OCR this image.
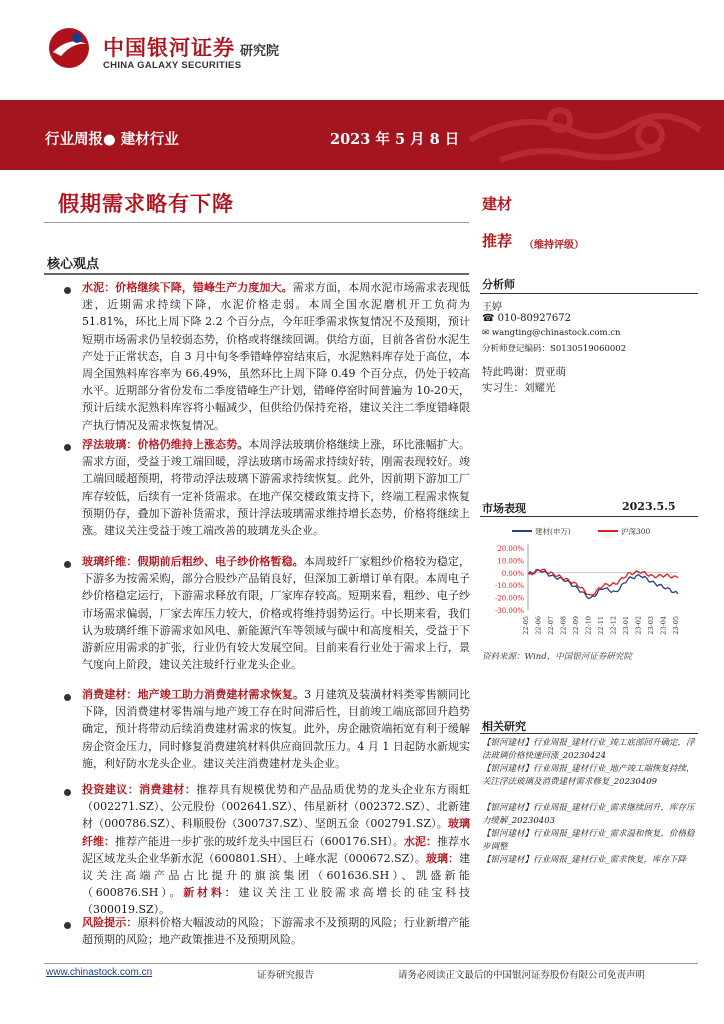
中国银河证券
CHINA GALAXY SECURITIES
研究院
行业周报● 建材行业	2023 年 5 月 8 日
假期需求略有下降
核心观点
水泥：价格继续下降，错峰生产力度加大。需求方面，本周水泥市场需求表现低迷，近期需求持续下降，水泥价格走弱。本周全国水泥磨机开工负荷为 51.81%，环比上周下降 2.2 个百分点，今年旺季需求恢复情况不及预期，预计短期市场需求仍呈较弱态势，价格或将继续回调。供给方面，目前各省份水泥生产处于正常状态，自 3 月中旬冬季错峰停窑结束后，水泥熟料库存处于高位，本周全国熟料库容率为 66.49%，虽然环比上周下降 0.49 个百分点，仍处于较高水平。近期部分省份发布二季度错峰生产计划，错峰停窑时间普遍为 10-20天，预计后续水泥熟料库容将小幅减少，但供给仍保持充裕，建议关注二季度错峰限产执行情况及需求恢复情况。
浮法玻璃：价格仍维持上涨态势。本周浮法玻璃价格继续上涨，环比涨幅扩大。需求方面，受益于竣工端回暖，浮法玻璃市场需求持续好转，刚需表现较好。竣工端回暖超预期，将带动浮法玻璃下游需求持续恢复。此外，因前期下游加工厂库存较低，后续有一定补货需求。在地产保交楼政策支持下，终端工程需求恢复预期仍存，叠加下游补货需求，预计浮法玻璃需求维持增长态势，价格将继续上涨。建议关注受益于竣工端改善的玻璃龙头企业。
玻璃纤维：假期前后粗纱、电子纱价格暂稳。本周玻纤厂家粗纱价格较为稳定，下游多为按需采购，部分合股纱产品销良好，但深加工新增订单有限。本周电子纱价格稳定运行，下游需求释放有限，厂家库存较高。短期来看，粗纱、电子纱市场需求偏弱，厂家去库压力较大，价格或将维持弱势运行。中长期来看，我们认为玻璃纤维下游需求如风电、新能源汽车等领域与碳中和高度相关，受益于下游新应用需求的扩张，行业仍有较大发展空间。目前来看行业处于需求上行，景气度向上阶段，建议关注玻纤行业龙头企业。
消费建材：地产竣工助力消费建材需求恢复。3 月建筑及装潢材料类零售额同比下降，因消费建材零售端与地产竣工存在时间滞后性，目前竣工端底部回升趋势确定，预计将带动后续消费建材需求的恢复。此外，房企融资端拓宽有利于缓解房企资金压力，同时修复消费建筑材料供应商回款压力。4 月 1 日起防水新规实施，利好防水龙头企业。建议关注消费建材龙头企业。
投资建议：消费建材：推荐具有规模优势和产品品质优势的龙头企业东方雨虹（002271.SZ）、公元股份（002641.SZ）、伟星新材（002372.SZ）、北新建材（000786.SZ）、科顺股份（300737.SZ）、坚朗五金（002791.SZ）。玻璃纤维：推荐产能进一步扩张的玻纤龙头中国巨石（600176.SH）。水泥：推荐水泥区域龙头企业华新水泥（600801.SH）、上峰水泥（000672.SZ）。玻璃：建议关注高端产品占比提升的旗滨集团（601636.SH）、凯盛新能（600876.SH）。新材料：建议关注工业胶需求高增长的硅宝科技（300019.SZ）。
风险提示：原料价格大幅波动的风险；下游需求不及预期的风险；行业新增产能超预期的风险；地产政策推进不及预期风险。
建材
推荐 （维持评级）
分析师
王婷
☎ 010-80927672
✉ wangting@chinastock.com.cn
分析师登记编码：S0130519060002
特此鸣谢：贾亚萌
实习生：刘耀光
市场表现	2023.5.5
建材(申万)	沪深300
20.00%
10.00%
0.00%
-10.00%
-20.00%
-30.00%
22-05 22-06 22-07 22-08 22-09 22-10 22-11 22-12 23-01 23-02 23-03 23-04 23-05
资料来源：Wind，中国银河证券研究院
相关研究
【银河建材】行业周报_建材行业_竣工底部回升确定，浮法玻璃价格快速回涨_20230424
【银河建材】行业周报_建材行业_地产竣工端恢复持续，关注浮法玻璃及消费建材需求修复_20230409
【银河建材】行业周报_建材行业_需求继续回升，库存压力缓解_20230403
【银河建材】行业周报_建材行业_需求温和恢复，价格稳步调整
【银河建材】行业周报_建材行业_需求恢复，库存下降
www.chinastock.com.cn	证券研究报告	请务必阅读正文最后的中国银河证券股份有限公司免责声明
